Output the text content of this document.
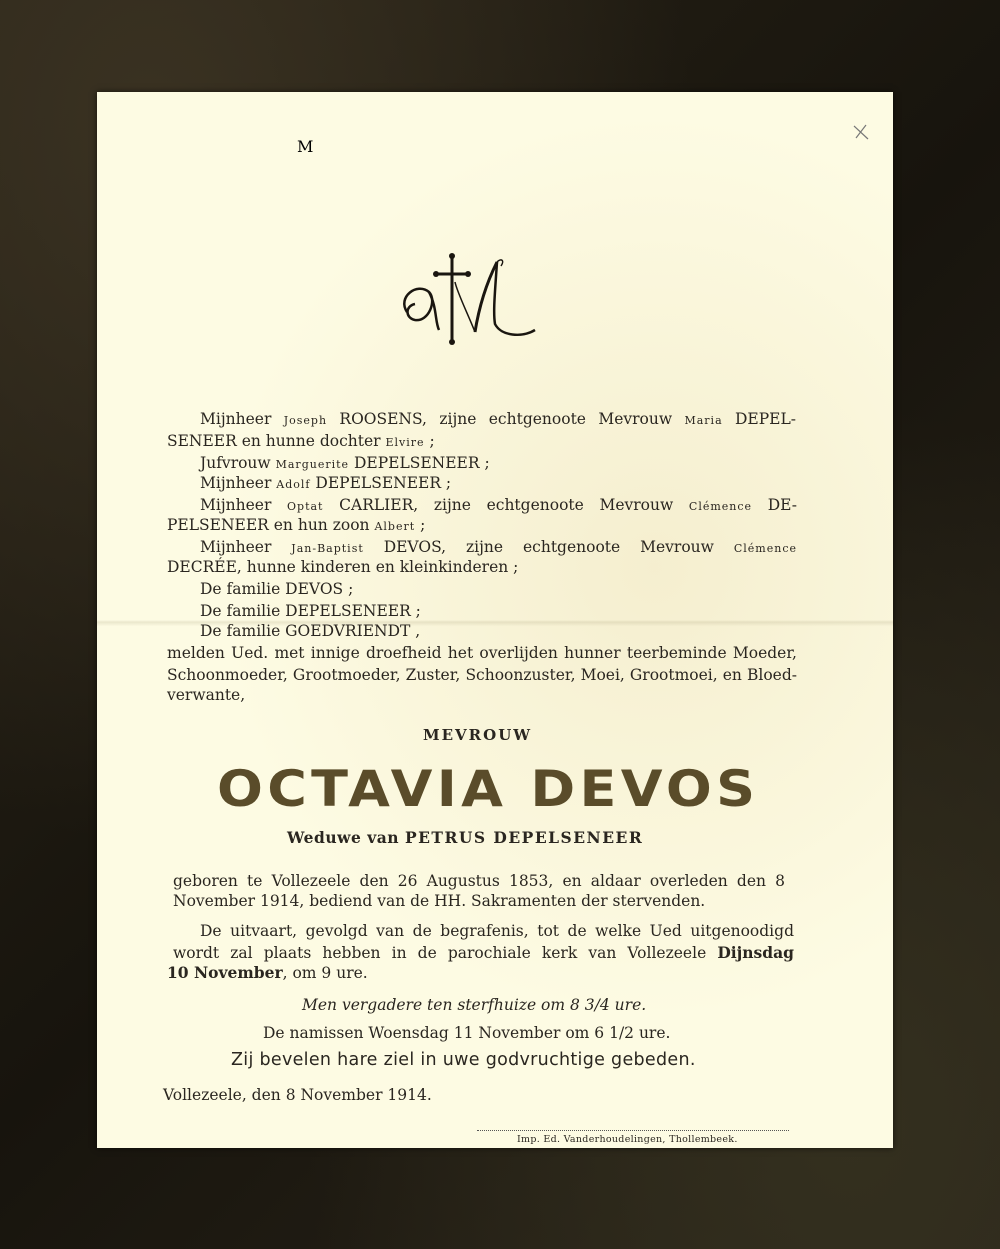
M
Mijnheer Joseph ROOSENS, zijne echtgenoote Mevrouw Maria DEPEL-
SENEER en hunne dochter Elvire ;
Jufvrouw Marguerite DEPELSENEER ;
Mijnheer Adolf DEPELSENEER ;
Mijnheer Optat CARLIER, zijne echtgenoote Mevrouw Clémence DE-
PELSENEER en hun zoon Albert ;
Mijnheer Jan-Baptist DEVOS, zijne echtgenoote Mevrouw Clémence
DECRÉE, hunne kinderen en kleinkinderen ;
De familie DEVOS ;
De familie DEPELSENEER ;
De familie GOEDVRIENDT ,
melden Ued. met innige droefheid het overlijden hunner teerbeminde Moeder,
Schoonmoeder, Grootmoeder, Zuster, Schoonzuster, Moei, Grootmoei, en Bloed-
verwante,
MEVROUW
OCTAVIA DEVOS
Weduwe van PETRUS DEPELSENEER
geboren te Vollezeele den 26 Augustus 1853, en aldaar overleden den 8
November 1914, bediend van de HH. Sakramenten der stervenden.
De uitvaart, gevolgd van de begrafenis, tot de welke Ued uitgenoodigd
wordt zal plaats hebben in de parochiale kerk van Vollezeele Dijnsdag
10 November, om 9 ure.
Men vergadere ten sterfhuize om 8 3/4 ure.
De namissen Woensdag 11 November om 6 1/2 ure.
Zij bevelen hare ziel in uwe godvruchtige gebeden.
Vollezeele, den 8 November 1914.
Imp. Ed. Vanderhoudelingen, Thollembeek.
